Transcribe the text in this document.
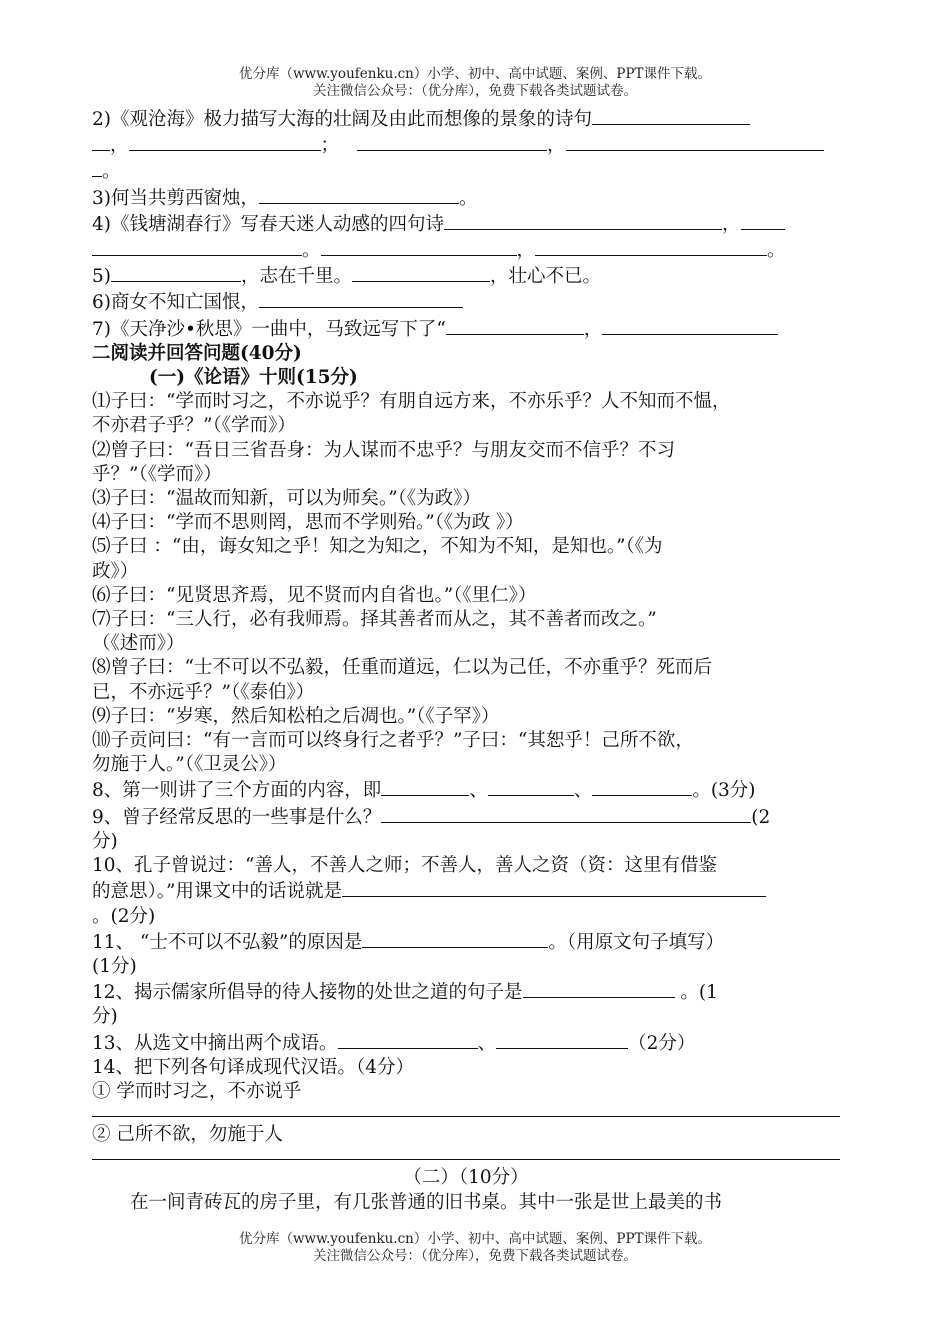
优分库（www.youfenku.cn）小学、初中、高中试题、案例、PPT课件下载。
关注微信公众号：（优分库），免费下载各类试题试卷。
2)《观沧海》极力描写大海的壮阔及由此而想像的景象的诗句
，	；	，
。
3)何当共剪西窗烛，	。
4)《钱塘湖春行》写春天迷人动感的四句诗	，
。	，	。
5)	，志在千里。	，壮心不已。
6)商女不知亡国恨，
7)《天净沙•秋思》一曲中，马致远写下了“	，
二阅读并回答问题(40分)
(一)《论语》十则(15分)
⑴子曰：“学而时习之，不亦说乎？有朋自远方来，不亦乐乎？人不知而不愠，
不亦君子乎？”（《学而》）
⑵曾子曰：“吾日三省吾身：为人谋而不忠乎？与朋友交而不信乎？不习
乎？”（《学而》）
⑶子曰：“温故而知新，可以为师矣。”（《为政》）
⑷子曰：“学而不思则罔，思而不学则殆。”（《为政 》）
⑸子曰 ：“由，诲女知之乎！知之为知之，不知为不知，是知也。”（《为
政》）
⑹子曰：“见贤思齐焉，见不贤而内自省也。”（《里仁》）
⑺子曰：“三人行，必有我师焉。择其善者而从之，其不善者而改之。”
（《述而》）
⑻曾子曰：“士不可以不弘毅，任重而道远，仁以为己任，不亦重乎？死而后
已，不亦远乎？”（《泰伯》）
⑼子曰：“岁寒，然后知松柏之后凋也。”（《子罕》）
⑽子贡问曰：“有一言而可以终身行之者乎？”子曰：“其恕乎！己所不欲，
勿施于人。”（《卫灵公》）
8、第一则讲了三个方面的内容，即	、	、	。(3分)
9、曾子经常反思的一些事是什么？	(2
分)
10、孔子曾说过：“善人，不善人之师；不善人，善人之资（资：这里有借鉴
的意思）。”用课文中的话说就是
。(2分)
11、 “士不可以不弘毅”的原因是	。（用原文句子填写）
(1分)
12、揭示儒家所倡导的待人接物的处世之道的句子是	。(1
分)
13、从选文中摘出两个成语。	、	（2分）
14、把下列各句译成现代汉语。（4分）
① 学而时习之，不亦说乎
② 己所不欲，勿施于人
（二）（10分）
在一间青砖瓦的房子里，有几张普通的旧书桌。其中一张是世上最美的书
优分库（www.youfenku.cn）小学、初中、高中试题、案例、PPT课件下载。
关注微信公众号：（优分库），免费下载各类试题试卷。
